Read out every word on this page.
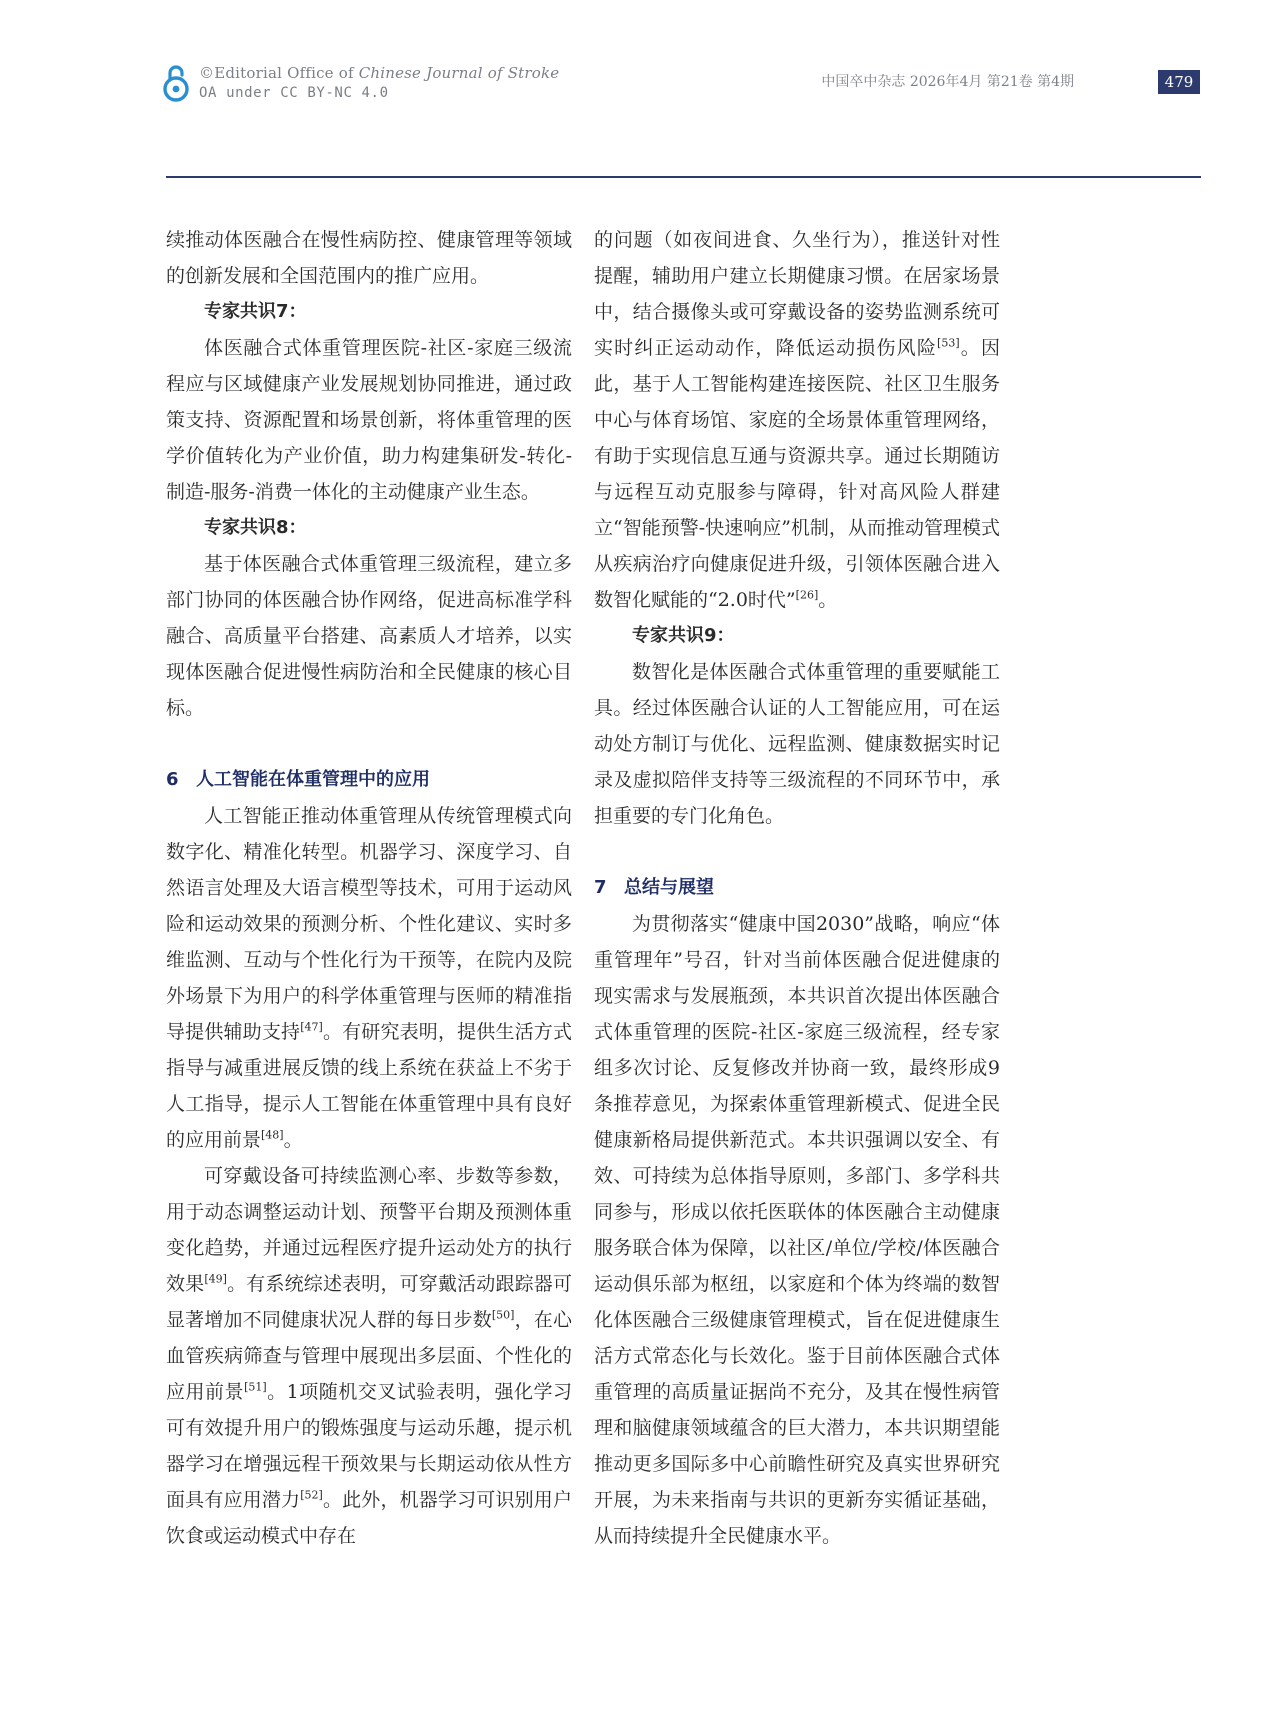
©Editorial Office of Chinese Journal of Stroke
OA under CC BY-NC 4.0
中国卒中杂志 2026年4月 第21卷 第4期	479

续推动体医融合在慢性病防控、健康管理等领域的创新发展和全国范围内的推广应用。

专家共识7：

体医融合式体重管理医院-社区-家庭三级流程应与区域健康产业发展规划协同推进，通过政策支持、资源配置和场景创新，将体重管理的医学价值转化为产业价值，助力构建集研发-转化-制造-服务-消费一体化的主动健康产业生态。

专家共识8：

基于体医融合式体重管理三级流程，建立多部门协同的体医融合协作网络，促进高标准学科融合、高质量平台搭建、高素质人才培养，以实现体医融合促进慢性病防治和全民健康的核心目标。

6 人工智能在体重管理中的应用

人工智能正推动体重管理从传统管理模式向数字化、精准化转型。机器学习、深度学习、自然语言处理及大语言模型等技术，可用于运动风险和运动效果的预测分析、个性化建议、实时多维监测、互动与个性化行为干预等，在院内及院外场景下为用户的科学体重管理与医师的精准指导提供辅助支持[47]。有研究表明，提供生活方式指导与减重进展反馈的线上系统在获益上不劣于人工指导，提示人工智能在体重管理中具有良好的应用前景[48]。

可穿戴设备可持续监测心率、步数等参数，用于动态调整运动计划、预警平台期及预测体重变化趋势，并通过远程医疗提升运动处方的执行效果[49]。有系统综述表明，可穿戴活动跟踪器可显著增加不同健康状况人群的每日步数[50]，在心血管疾病筛查与管理中展现出多层面、个性化的应用前景[51]。1项随机交叉试验表明，强化学习可有效提升用户的锻炼强度与运动乐趣，提示机器学习在增强远程干预效果与长期运动依从性方面具有应用潜力[52]。此外，机器学习可识别用户饮食或运动模式中存在

的问题（如夜间进食、久坐行为），推送针对性提醒，辅助用户建立长期健康习惯。在居家场景中，结合摄像头或可穿戴设备的姿势监测系统可实时纠正运动动作，降低运动损伤风险[53]。因此，基于人工智能构建连接医院、社区卫生服务中心与体育场馆、家庭的全场景体重管理网络，有助于实现信息互通与资源共享。通过长期随访与远程互动克服参与障碍，针对高风险人群建立“智能预警-快速响应”机制，从而推动管理模式从疾病治疗向健康促进升级，引领体医融合进入数智化赋能的“2.0时代”[26]。

专家共识9：

数智化是体医融合式体重管理的重要赋能工具。经过体医融合认证的人工智能应用，可在运动处方制订与优化、远程监测、健康数据实时记录及虚拟陪伴支持等三级流程的不同环节中，承担重要的专门化角色。

7 总结与展望

为贯彻落实“健康中国2030”战略，响应“体重管理年”号召，针对当前体医融合促进健康的现实需求与发展瓶颈，本共识首次提出体医融合式体重管理的医院-社区-家庭三级流程，经专家组多次讨论、反复修改并协商一致，最终形成9条推荐意见，为探索体重管理新模式、促进全民健康新格局提供新范式。本共识强调以安全、有效、可持续为总体指导原则，多部门、多学科共同参与，形成以依托医联体的体医融合主动健康服务联合体为保障，以社区/单位/学校/体医融合运动俱乐部为枢纽，以家庭和个体为终端的数智化体医融合三级健康管理模式，旨在促进健康生活方式常态化与长效化。鉴于目前体医融合式体重管理的高质量证据尚不充分，及其在慢性病管理和脑健康领域蕴含的巨大潜力，本共识期望能推动更多国际多中心前瞻性研究及真实世界研究开展，为未来指南与共识的更新夯实循证基础，从而持续提升全民健康水平。
